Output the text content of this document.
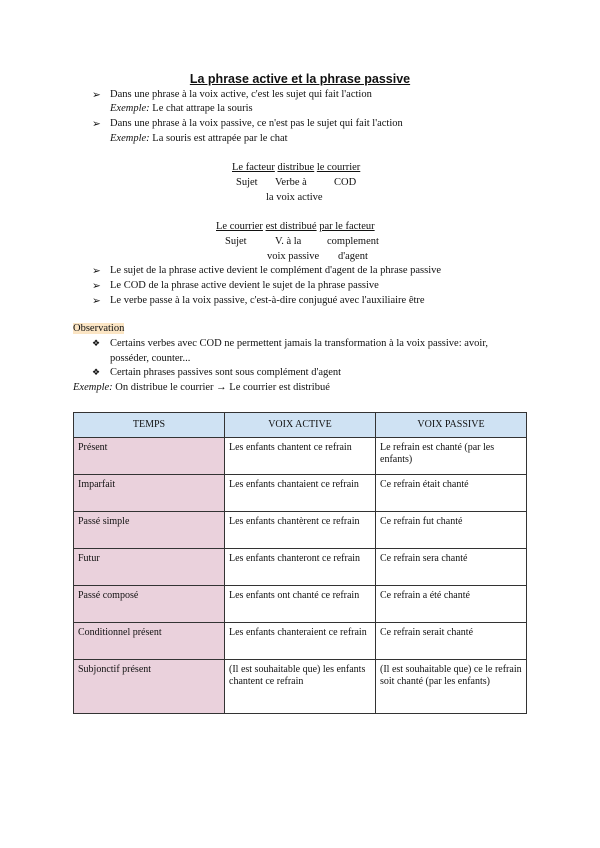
La phrase active et la phrase passive
➢ Dans une phrase à la voix active, c'est les sujet qui fait l'action
Exemple: Le chat attrape la souris
➢ Dans une phrase à la voix passive, ce n'est pas le sujet qui fait l'action
Exemple: La souris est attrapée par le chat
Le facteur distribue le courrier
Sujet Verbe à	COD
la voix active
Le courrier est distribué par le facteur
Sujet	V. à la complement
voix passive d'agent
➢ Le sujet de la phrase active devient le complément d'agent de la phrase passive
➢ Le COD de la phrase active devient le sujet de la phrase passive
➢ Le verbe passe à la voix passive, c'est-à-dire conjugué avec l'auxiliaire être
Observation
❖ Certains verbes avec COD ne permettent jamais la transformation à la voix passive: avoir,
posséder, counter...
❖ Certain phrases passives sont sous complément d'agent
Exemple: On distribue le courrier → Le courrier est distribué
TEMPS	VOIX ACTIVE	VOIX PASSIVE
Présent	Les enfants chantent ce refrain	Le refrain est chanté (par les enfants)
Imparfait	Les enfants chantaient ce refrain	Ce refrain était chanté
Passé simple	Les enfants chantèrent ce refrain	Ce refrain fut chanté
Futur	Les enfants chanteront ce refrain	Ce refrain sera chanté
Passé composé	Les enfants ont chanté ce refrain	Ce refrain a été chanté
Conditionnel présent	Les enfants chanteraient ce refrain	Ce refrain serait chanté
Subjonctif présent	(Il est souhaitable que) les enfants chantent ce refrain	(Il est souhaitable que) ce le refrain soit chanté (par les enfants)
